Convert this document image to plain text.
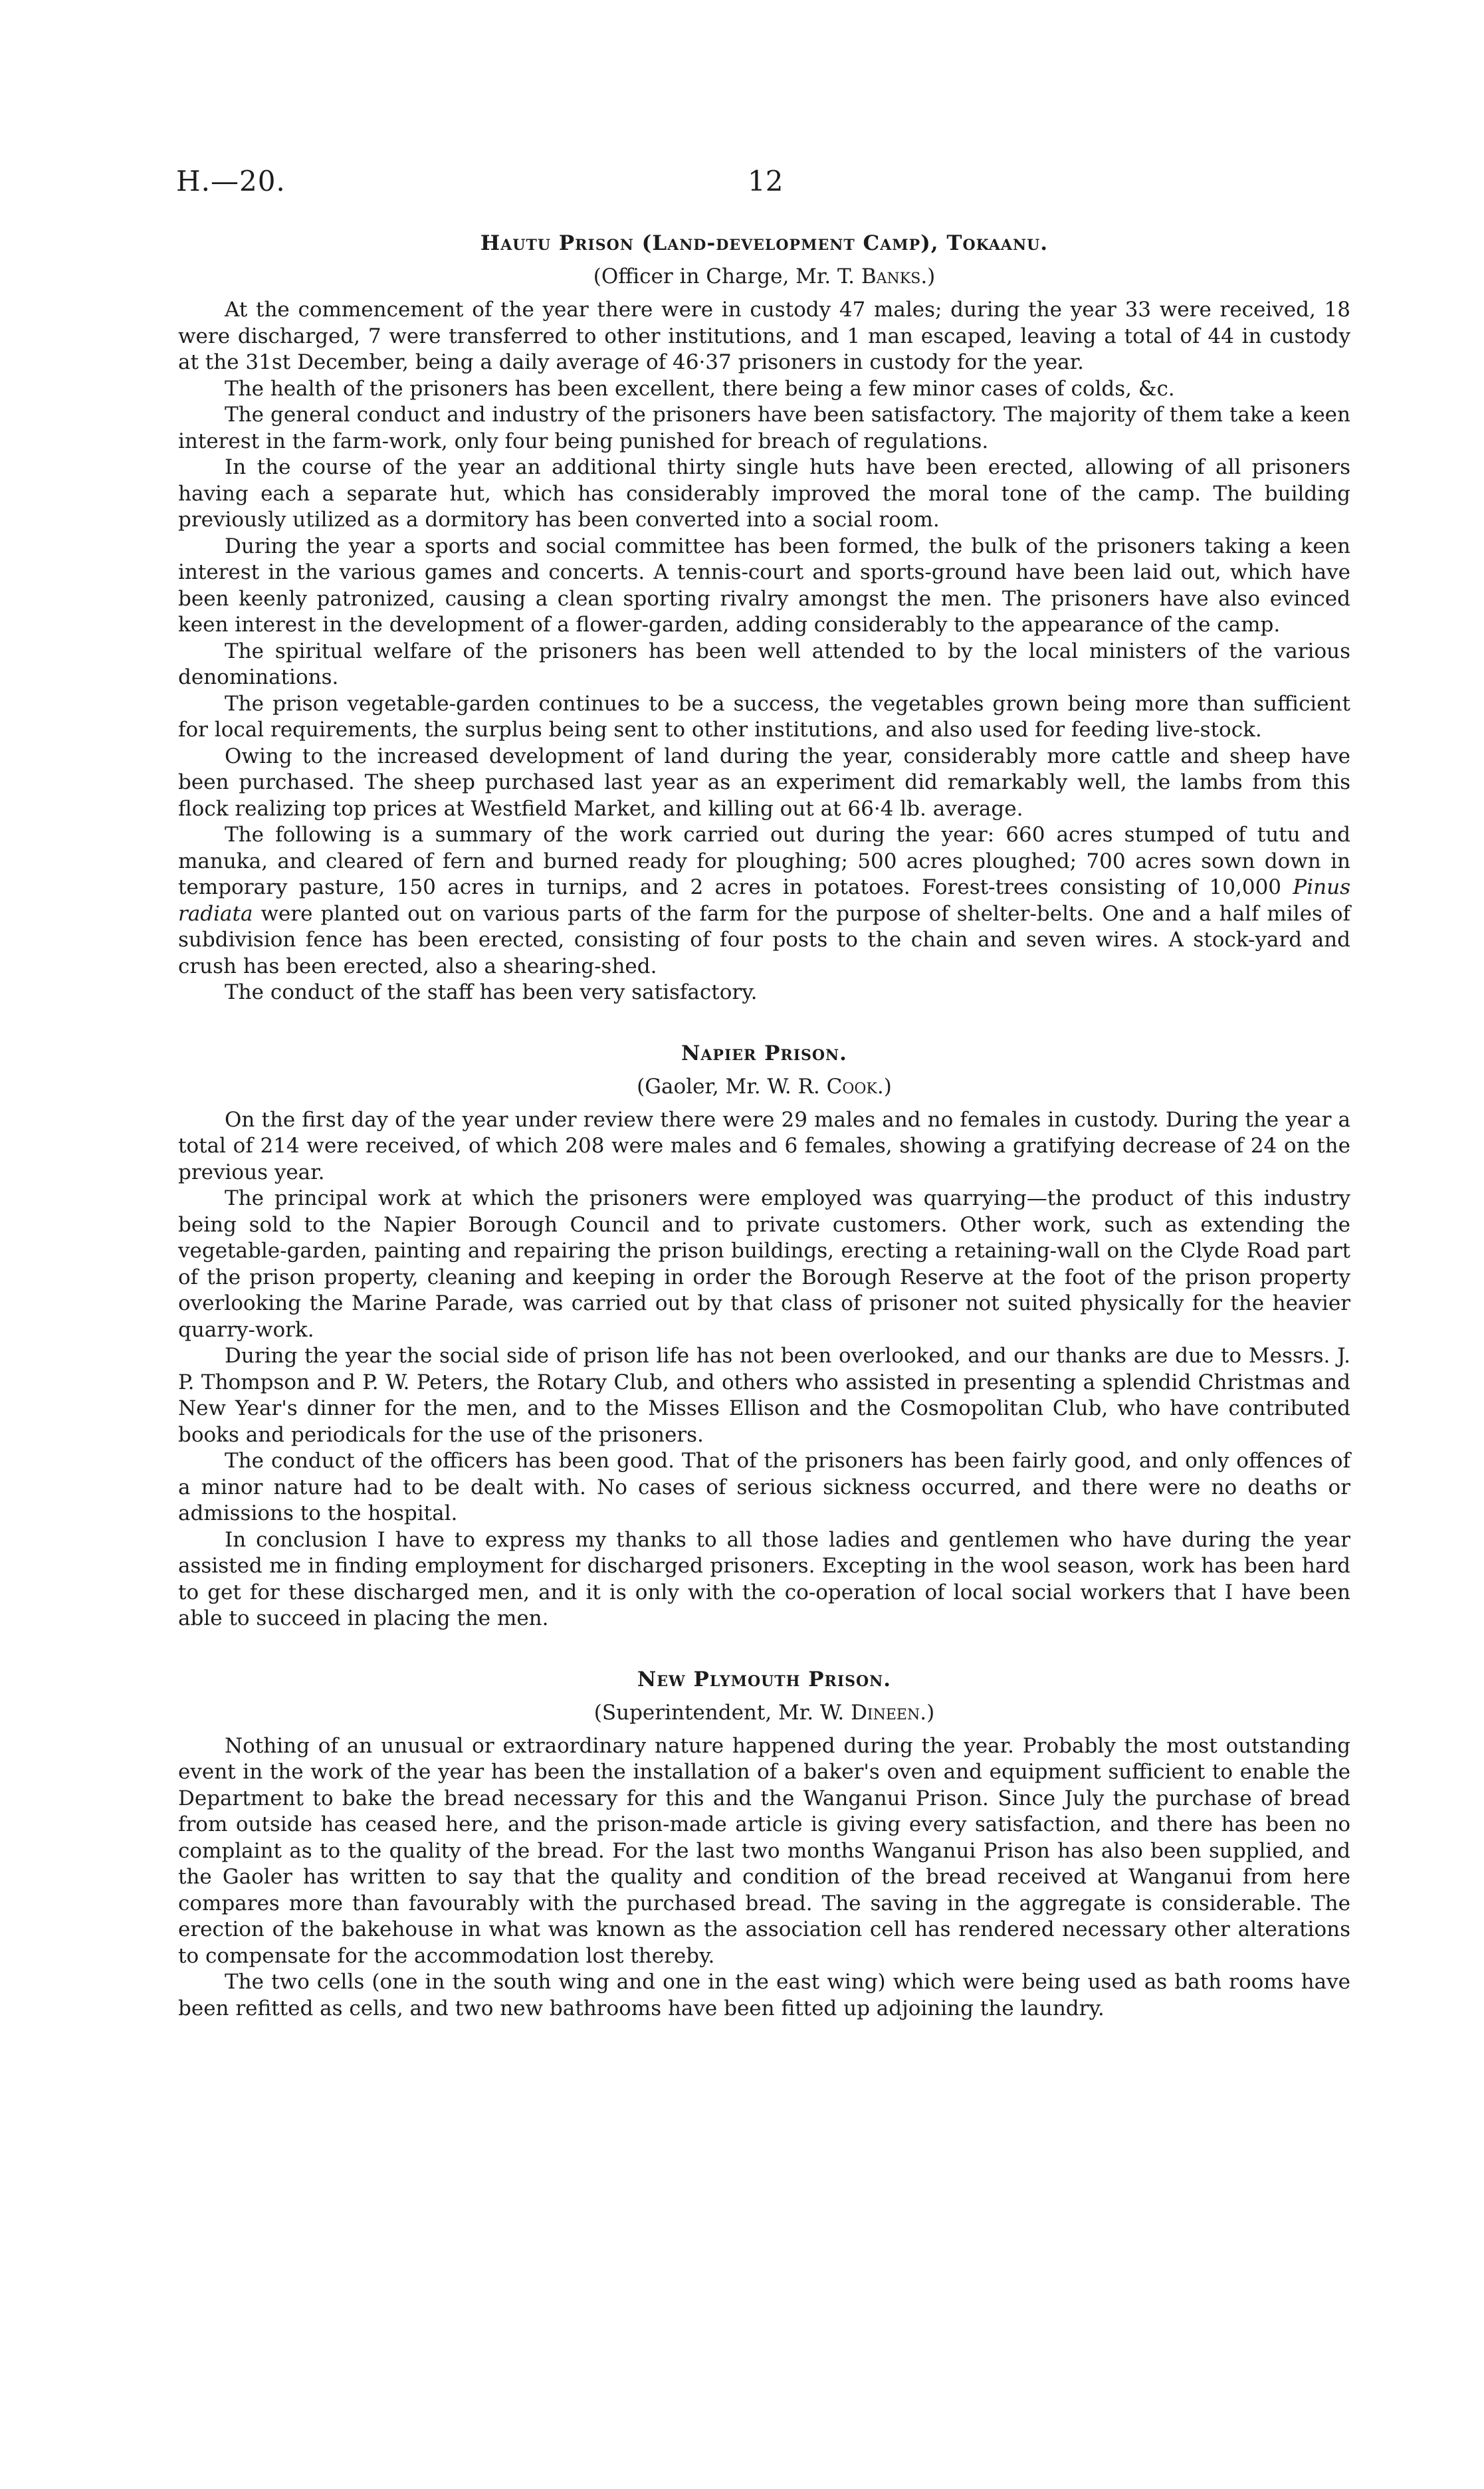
H.—20.	12
Hautu Prison (Land-development Camp), Tokaanu.
(Officer in Charge, Mr. T. Banks.)

At the commencement of the year there were in custody 47 males; during the year 33 were received, 18 were discharged, 7 were transferred to other institutions, and 1 man escaped, leaving a total of 44 in custody at the 31st December, being a daily average of 46·37 prisoners in custody for the year.

The health of the prisoners has been excellent, there being a few minor cases of colds, &c.

The general conduct and industry of the prisoners have been satisfactory. The majority of them take a keen interest in the farm-work, only four being punished for breach of regulations.

In the course of the year an additional thirty single huts have been erected, allowing of all prisoners having each a separate hut, which has considerably improved the moral tone of the camp. The building previously utilized as a dormitory has been converted into a social room.

During the year a sports and social committee has been formed, the bulk of the prisoners taking a keen interest in the various games and concerts. A tennis-court and sports-ground have been laid out, which have been keenly patronized, causing a clean sporting rivalry amongst the men. The prisoners have also evinced keen interest in the development of a flower-garden, adding considerably to the appearance of the camp.

The spiritual welfare of the prisoners has been well attended to by the local ministers of the various denominations.

The prison vegetable-garden continues to be a success, the vegetables grown being more than sufficient for local requirements, the surplus being sent to other institutions, and also used for feeding live-stock.

Owing to the increased development of land during the year, considerably more cattle and sheep have been purchased. The sheep purchased last year as an experiment did remarkably well, the lambs from this flock realizing top prices at Westfield Market, and killing out at 66·4 lb. average.

The following is a summary of the work carried out during the year: 660 acres stumped of tutu and manuka, and cleared of fern and burned ready for ploughing; 500 acres ploughed; 700 acres sown down in temporary pasture, 150 acres in turnips, and 2 acres in potatoes. Forest-trees consisting of 10,000 Pinus radiata were planted out on various parts of the farm for the purpose of shelter-belts. One and a half miles of subdivision fence has been erected, consisting of four posts to the chain and seven wires. A stock-yard and crush has been erected, also a shearing-shed.

The conduct of the staff has been very satisfactory.

Napier Prison.
(Gaoler, Mr. W. R. Cook.)

On the first day of the year under review there were 29 males and no females in custody. During the year a total of 214 were received, of which 208 were males and 6 females, showing a gratifying decrease of 24 on the previous year.

The principal work at which the prisoners were employed was quarrying—the product of this industry being sold to the Napier Borough Council and to private customers. Other work, such as extending the vegetable-garden, painting and repairing the prison buildings, erecting a retaining-wall on the Clyde Road part of the prison property, cleaning and keeping in order the Borough Reserve at the foot of the prison property overlooking the Marine Parade, was carried out by that class of prisoner not suited physically for the heavier quarry-work.

During the year the social side of prison life has not been overlooked, and our thanks are due to Messrs. J. P. Thompson and P. W. Peters, the Rotary Club, and others who assisted in presenting a splendid Christmas and New Year's dinner for the men, and to the Misses Ellison and the Cosmopolitan Club, who have contributed books and periodicals for the use of the prisoners.

The conduct of the officers has been good. That of the prisoners has been fairly good, and only offences of a minor nature had to be dealt with. No cases of serious sickness occurred, and there were no deaths or admissions to the hospital.

In conclusion I have to express my thanks to all those ladies and gentlemen who have during the year assisted me in finding employment for discharged prisoners. Excepting in the wool season, work has been hard to get for these discharged men, and it is only with the co-operation of local social workers that I have been able to succeed in placing the men.

New Plymouth Prison.
(Superintendent, Mr. W. Dineen.)

Nothing of an unusual or extraordinary nature happened during the year. Probably the most outstanding event in the work of the year has been the installation of a baker's oven and equipment sufficient to enable the Department to bake the bread necessary for this and the Wanganui Prison. Since July the purchase of bread from outside has ceased here, and the prison-made article is giving every satisfaction, and there has been no complaint as to the quality of the bread. For the last two months Wanganui Prison has also been supplied, and the Gaoler has written to say that the quality and condition of the bread received at Wanganui from here compares more than favourably with the purchased bread. The saving in the aggregate is considerable. The erection of the bakehouse in what was known as the association cell has rendered necessary other alterations to compensate for the accommodation lost thereby.

The two cells (one in the south wing and one in the east wing) which were being used as bath rooms have been refitted as cells, and two new bathrooms have been fitted up adjoining the laundry.
